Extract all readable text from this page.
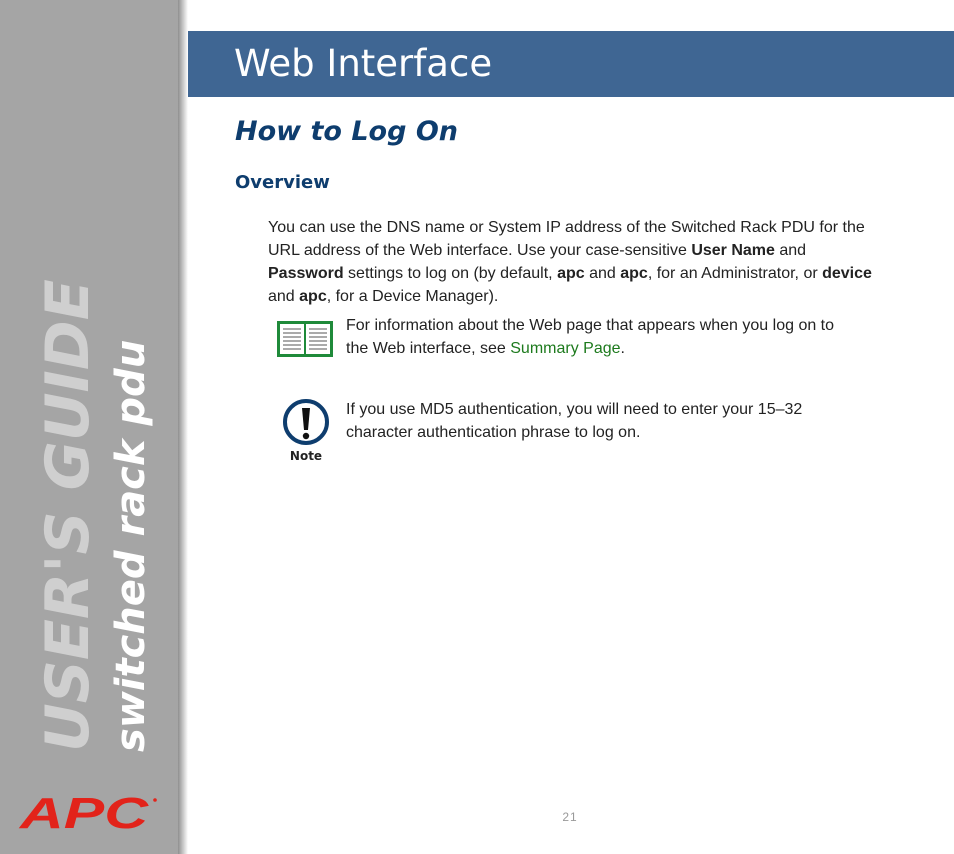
USER'S GUIDE switched rack pdu
APC
Web Interface
How to Log On
Overview

You can use the DNS name or System IP address of the Switched Rack PDU for the URL address of the Web interface. Use your case-sensitive User Name and Password settings to log on (by default, apc and apc, for an Administrator, or device and apc, for a Device Manager).

For information about the Web page that appears when you log on to the Web interface, see Summary Page.

Note

If you use MD5 authentication, you will need to enter your 15–32 character authentication phrase to log on.

21
